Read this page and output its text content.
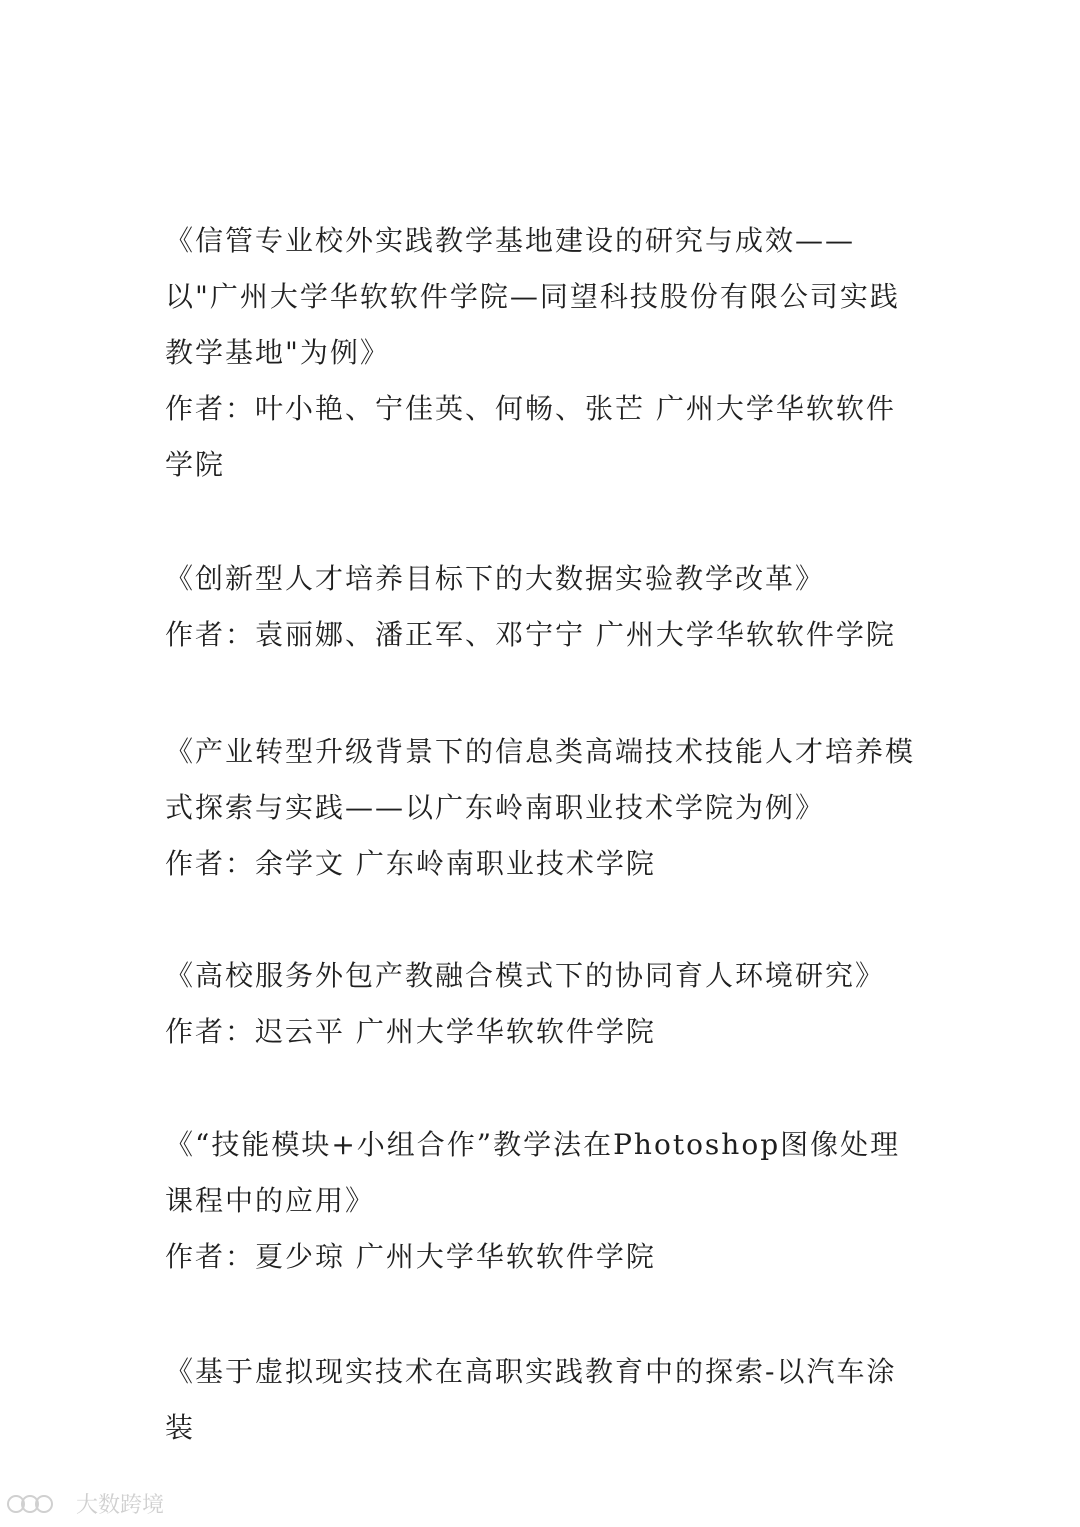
《信管专业校外实践教学基地建设的研究与成效——以"广州大学华软软件学院—同望科技股份有限公司实践教学基地"为例》
作者：叶小艳、宁佳英、何畅、张芒 广州大学华软软件学院
《创新型人才培养目标下的大数据实验教学改革》
作者：袁丽娜、潘正军、邓宁宁 广州大学华软软件学院
《产业转型升级背景下的信息类高端技术技能人才培养模式探索与实践——以广东岭南职业技术学院为例》
作者：余学文 广东岭南职业技术学院
《高校服务外包产教融合模式下的协同育人环境研究》
作者：迟云平 广州大学华软软件学院
《“技能模块+小组合作”教学法在Photoshop图像处理课程中的应用》
作者：夏少琼 广州大学华软软件学院
《基于虚拟现实技术在高职实践教育中的探索-以汽车涂装
大数跨境
